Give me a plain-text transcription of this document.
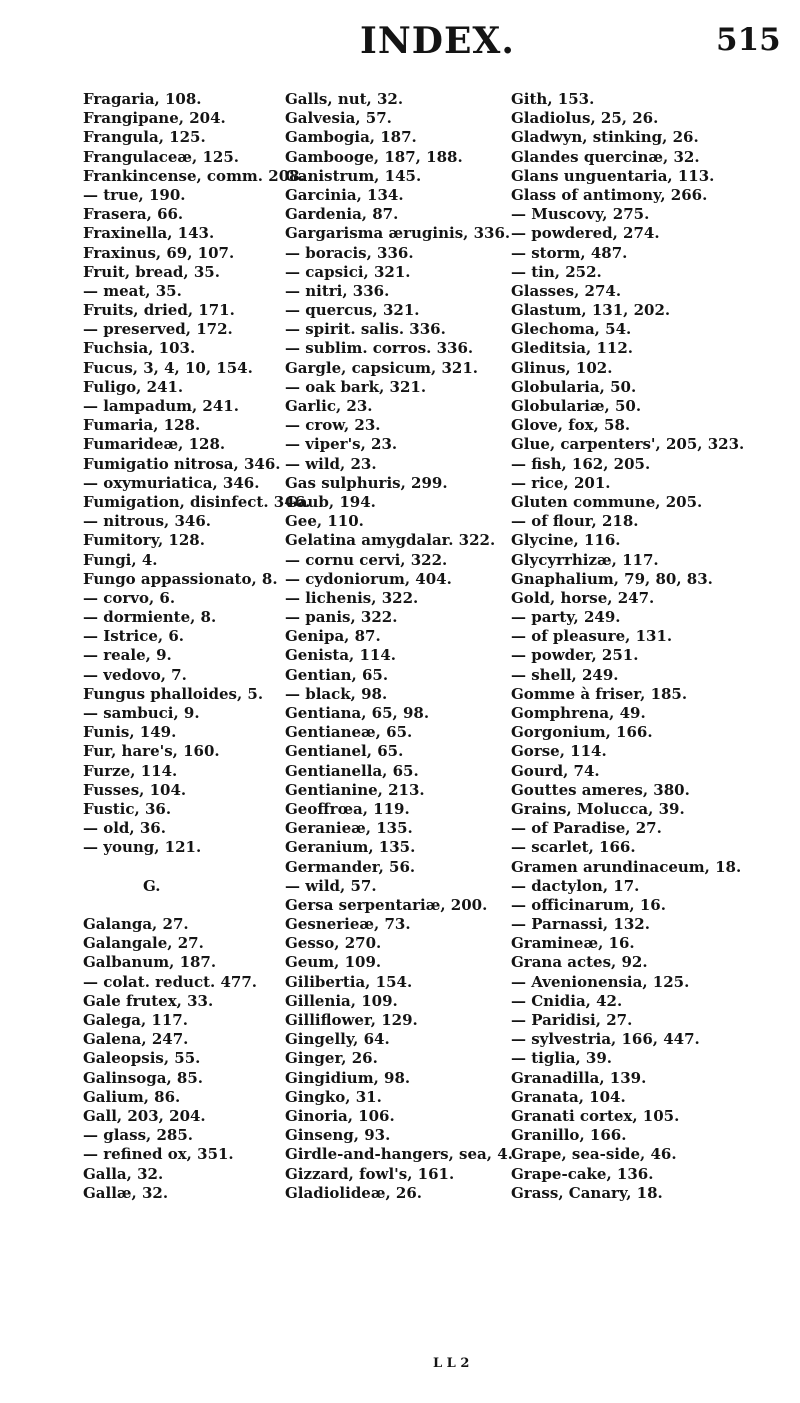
INDEX.	515
Fragaria, 108.
Frangipane, 204.
Frangula, 125.
Frangulaceæ, 125.
Frankincense, comm. 208.
— true, 190.
Frasera, 66.
Fraxinella, 143.
Fraxinus, 69, 107.
Fruit, bread, 35.
— meat, 35.
Fruits, dried, 171.
— preserved, 172.
Fuchsia, 103.
Fucus, 3, 4, 10, 154.
Fuligo, 241.
— lampadum, 241.
Fumaria, 128.
Fumarideæ, 128.
Fumigatio nitrosa, 346.
— oxymuriatica, 346.
Fumigation, disinfect. 346.
— nitrous, 346.
Fumitory, 128.
Fungi, 4.
Fungo appassionato, 8.
— corvo, 6.
— dormiente, 8.
— Istrice, 6.
— reale, 9.
— vedovo, 7.
Fungus phalloides, 5.
— sambuci, 9.
Funis, 149.
Fur, hare's, 160.
Furze, 114.
Fusses, 104.
Fustic, 36.
— old, 36.
— young, 121.
G.
Galanga, 27.
Galangale, 27.
Galbanum, 187.
— colat. reduct. 477.
Gale frutex, 33.
Galega, 117.
Galena, 247.
Galeopsis, 55.
Galinsoga, 85.
Galium, 86.
Gall, 203, 204.
— glass, 285.
— refined ox, 351.
Galla, 32.
Gallæ, 32.
Galls, nut, 32.
Galvesia, 57.
Gambogia, 187.
Gambooge, 187, 188.
Ganistrum, 145.
Garcinia, 134.
Gardenia, 87.
Gargarisma æruginis, 336.
— boracis, 336.
— capsici, 321.
— nitri, 336.
— quercus, 321.
— spirit. salis. 336.
— sublim. corros. 336.
Gargle, capsicum, 321.
— oak bark, 321.
Garlic, 23.
— crow, 23.
— viper's, 23.
— wild, 23.
Gas sulphuris, 299.
Gaub, 194.
Gee, 110.
Gelatina amygdalar. 322.
— cornu cervi, 322.
— cydoniorum, 404.
— lichenis, 322.
— panis, 322.
Genipa, 87.
Genista, 114.
Gentian, 65.
— black, 98.
Gentiana, 65, 98.
Gentianeæ, 65.
Gentianel, 65.
Gentianella, 65.
Gentianine, 213.
Geoffrœa, 119.
Geranieæ, 135.
Geranium, 135.
Germander, 56.
— wild, 57.
Gersa serpentariæ, 200.
Gesnerieæ, 73.
Gesso, 270.
Geum, 109.
Gilibertia, 154.
Gillenia, 109.
Gilliflower, 129.
Gingelly, 64.
Ginger, 26.
Gingidium, 98.
Gingko, 31.
Ginoria, 106.
Ginseng, 93.
Girdle-and-hangers, sea, 4.
Gizzard, fowl's, 161.
Gladiolideæ, 26.
Gith, 153.
Gladiolus, 25, 26.
Gladwyn, stinking, 26.
Glandes quercinæ, 32.
Glans unguentaria, 113.
Glass of antimony, 266.
— Muscovy, 275.
— powdered, 274.
— storm, 487.
— tin, 252.
Glasses, 274.
Glastum, 131, 202.
Glechoma, 54.
Gleditsia, 112.
Glinus, 102.
Globularia, 50.
Globulariæ, 50.
Glove, fox, 58.
Glue, carpenters', 205, 323.
— fish, 162, 205.
— rice, 201.
Gluten commune, 205.
— of flour, 218.
Glycine, 116.
Glycyrrhizæ, 117.
Gnaphalium, 79, 80, 83.
Gold, horse, 247.
— party, 249.
— of pleasure, 131.
— powder, 251.
— shell, 249.
Gomme à friser, 185.
Gomphrena, 49.
Gorgonium, 166.
Gorse, 114.
Gourd, 74.
Gouttes ameres, 380.
Grains, Molucca, 39.
— of Paradise, 27.
— scarlet, 166.
Gramen arundinaceum, 18.
— dactylon, 17.
— officinarum, 16.
— Parnassi, 132.
Gramineæ, 16.
Grana actes, 92.
— Avenionensia, 125.
— Cnidia, 42.
— Paridisi, 27.
— sylvestria, 166, 447.
— tiglia, 39.
Granadilla, 139.
Granata, 104.
Granati cortex, 105.
Granillo, 166.
Grape, sea-side, 46.
Grape-cake, 136.
Grass, Canary, 18.
L L 2
